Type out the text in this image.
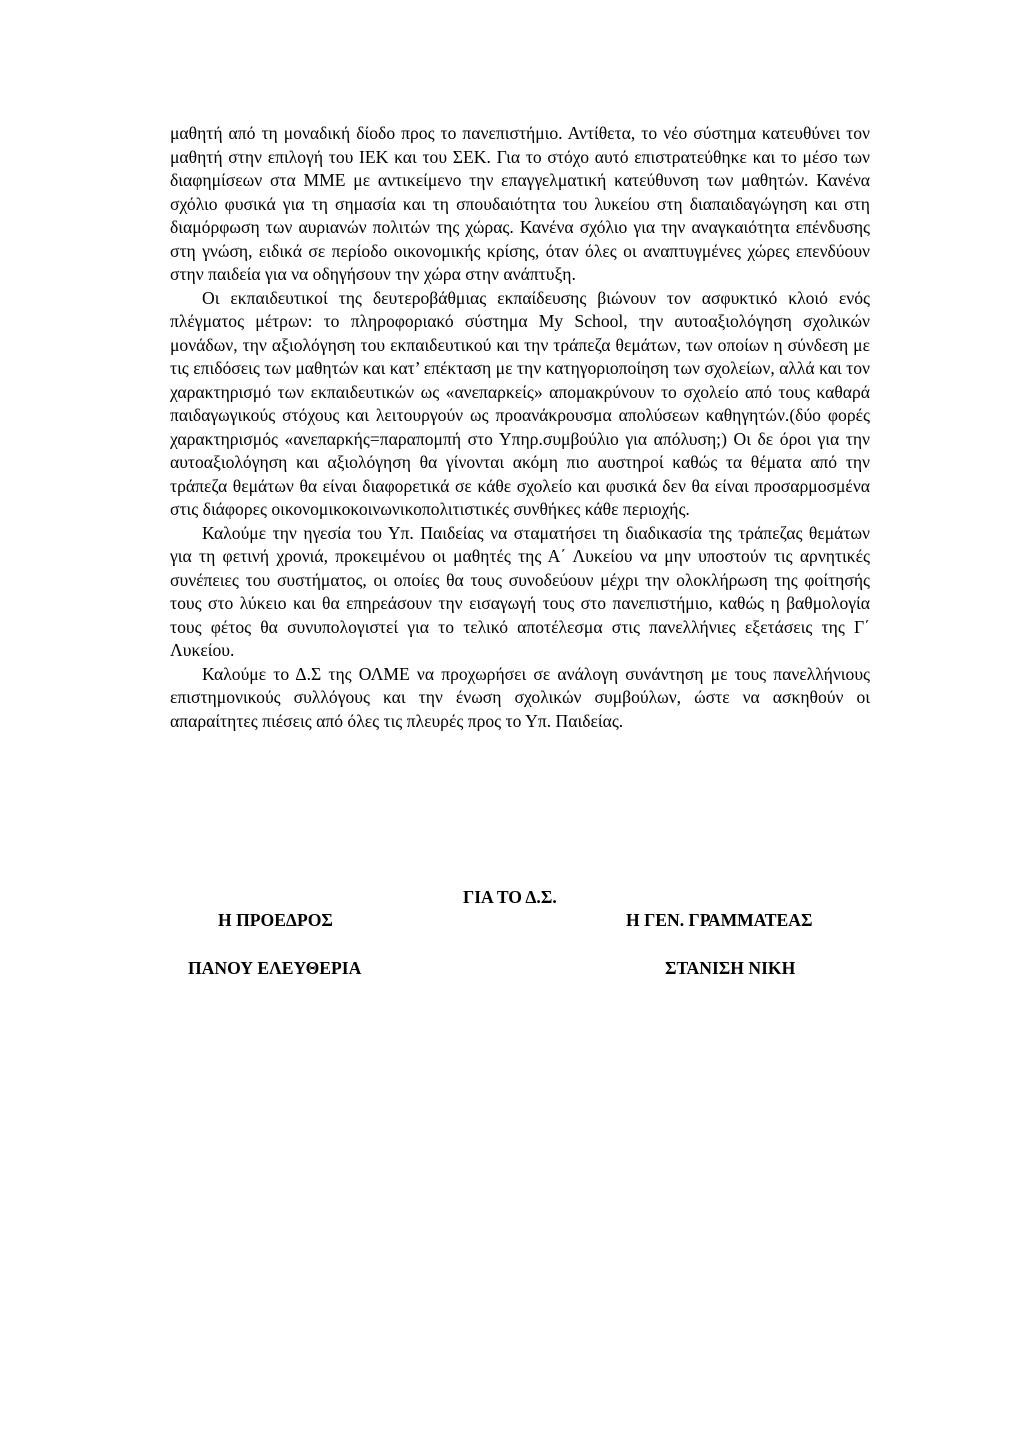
μαθητή από τη μοναδική δίοδο προς το πανεπιστήμιο. Αντίθετα, το νέο σύστημα κατευθύνει τον μαθητή στην επιλογή του ΙΕΚ και του ΣΕΚ. Για το στόχο αυτό επιστρατεύθηκε και το μέσο των διαφημίσεων στα ΜΜΕ με αντικείμενο την επαγγελματική κατεύθυνση των μαθητών. Κανένα σχόλιο φυσικά για τη σημασία και τη σπουδαιότητα του λυκείου στη διαπαιδαγώγηση και στη διαμόρφωση των αυριανών πολιτών της χώρας. Κανένα σχόλιο για την αναγκαιότητα επένδυσης στη γνώση, ειδικά σε περίοδο οικονομικής κρίσης, όταν όλες οι αναπτυγμένες χώρες επενδύουν στην παιδεία για να οδηγήσουν την χώρα στην ανάπτυξη.

Οι εκπαιδευτικοί της δευτεροβάθμιας εκπαίδευσης βιώνουν τον ασφυκτικό κλοιό ενός πλέγματος μέτρων: το πληροφοριακό σύστημα My School, την αυτοαξιολόγηση σχολικών μονάδων, την αξιολόγηση του εκπαιδευτικού και την τράπεζα θεμάτων, των οποίων η σύνδεση με τις επιδόσεις των μαθητών και κατ’ επέκταση με την κατηγοριοποίηση των σχολείων, αλλά και τον χαρακτηρισμό των εκπαιδευτικών ως «ανεπαρκείς» απομακρύνουν το σχολείο από τους καθαρά παιδαγωγικούς στόχους και λειτουργούν ως προανάκρουσμα απολύσεων καθηγητών.(δύο φορές χαρακτηρισμός «ανεπαρκής=παραπομπή στο Υπηρ.συμβούλιο για απόλυση;) Οι δε όροι για την αυτοαξιολόγηση και αξιολόγηση θα γίνονται ακόμη πιο αυστηροί καθώς τα θέματα από την τράπεζα θεμάτων θα είναι διαφορετικά σε κάθε σχολείο και φυσικά δεν θα είναι προσαρμοσμένα στις διάφορες οικονομικοκοινωνικοπολιτιστικές συνθήκες κάθε περιοχής.

Καλούμε την ηγεσία του Υπ. Παιδείας να σταματήσει τη διαδικασία της τράπεζας θεμάτων για τη φετινή χρονιά, προκειμένου οι μαθητές της Α΄ Λυκείου να μην υποστούν τις αρνητικές συνέπειες του συστήματος, οι οποίες θα τους συνοδεύουν μέχρι την ολοκλήρωση της φοίτησής τους στο λύκειο και θα επηρεάσουν την εισαγωγή τους στο πανεπιστήμιο, καθώς η βαθμολογία τους φέτος θα συνυπολογιστεί για το τελικό αποτέλεσμα στις πανελλήνιες εξετάσεις της Γ΄ Λυκείου.

Καλούμε το Δ.Σ της ΟΛΜΕ να προχωρήσει σε ανάλογη συνάντηση με τους πανελλήνιους επιστημονικούς συλλόγους και την ένωση σχολικών συμβούλων, ώστε να ασκηθούν οι απαραίτητες πιέσεις από όλες τις πλευρές προς το Υπ. Παιδείας.

ΓΙΑ ΤΟ Δ.Σ.
Η ΠΡΟΕΔΡΟΣ	Η ΓΕΝ. ΓΡΑΜΜΑΤΕΑΣ
ΠΑΝΟΥ ΕΛΕΥΘΕΡΙΑ	ΣΤΑΝΙΣΗ ΝΙΚΗ
